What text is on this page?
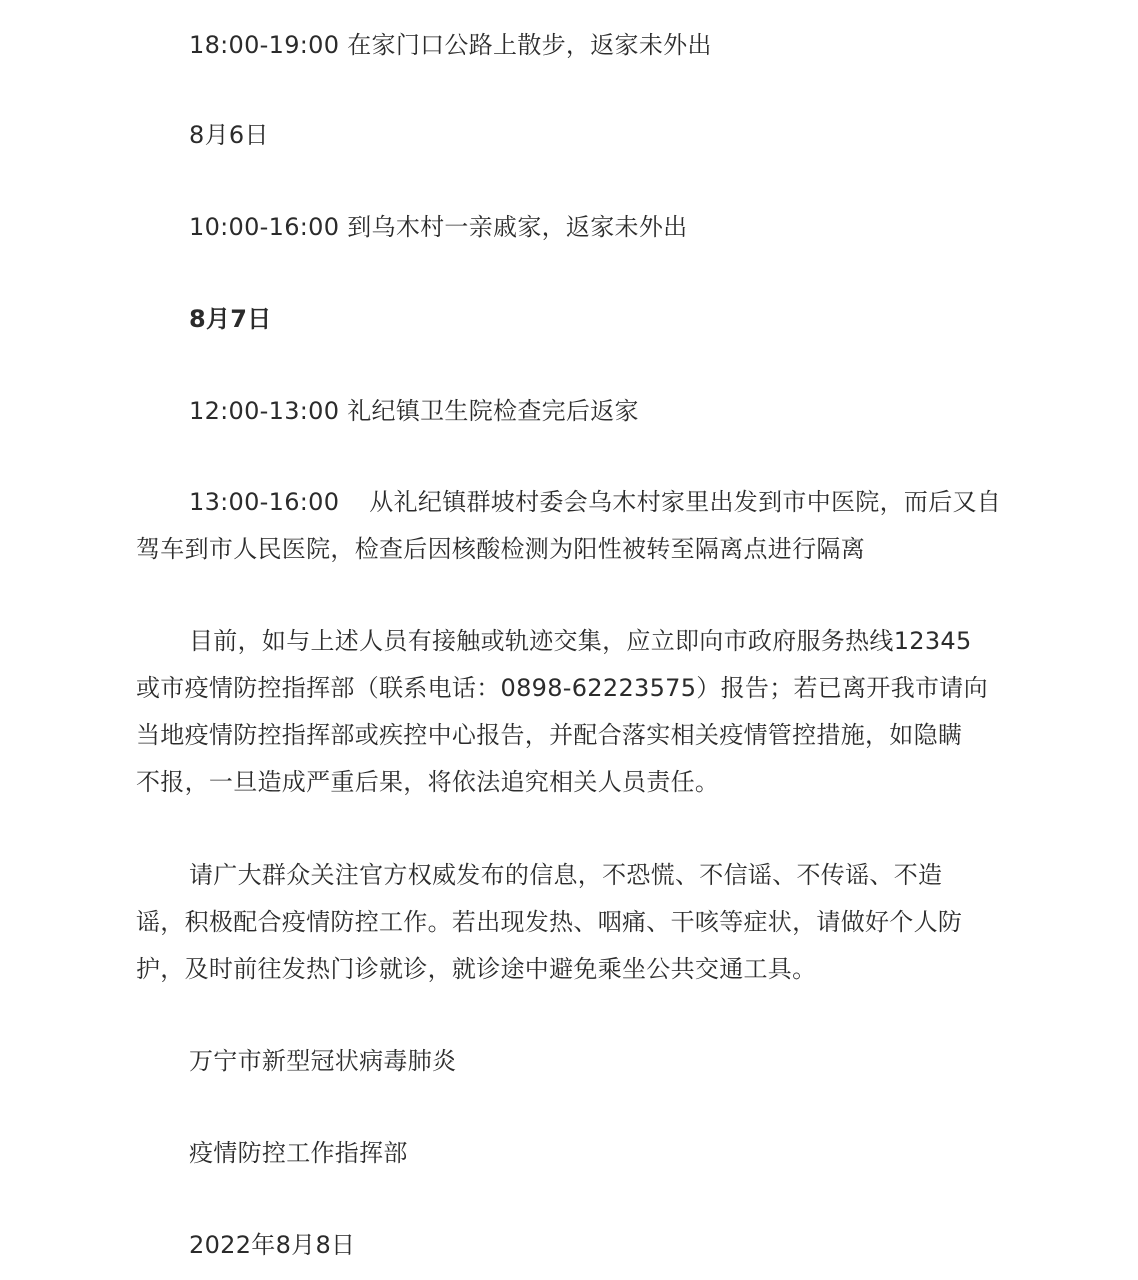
18:00-19:00 在家门口公路上散步，返家未外出
8月6日
10:00-16:00 到乌木村一亲戚家，返家未外出
8月7日
12:00-13:00 礼纪镇卫生院检查完后返家
13:00-16:00 从礼纪镇群坡村委会乌木村家里出发到市中医院，而后又自
驾车到市人民医院，检查后因核酸检测为阳性被转至隔离点进行隔离
目前，如与上述人员有接触或轨迹交集，应立即向市政府服务热线12345
或市疫情防控指挥部（联系电话：0898-62223575）报告；若已离开我市请向
当地疫情防控指挥部或疾控中心报告，并配合落实相关疫情管控措施，如隐瞒
不报，一旦造成严重后果，将依法追究相关人员责任。
请广大群众关注官方权威发布的信息，不恐慌、不信谣、不传谣、不造
谣，积极配合疫情防控工作。若出现发热、咽痛、干咳等症状，请做好个人防
护，及时前往发热门诊就诊，就诊途中避免乘坐公共交通工具。
万宁市新型冠状病毒肺炎
疫情防控工作指挥部
2022年8月8日
